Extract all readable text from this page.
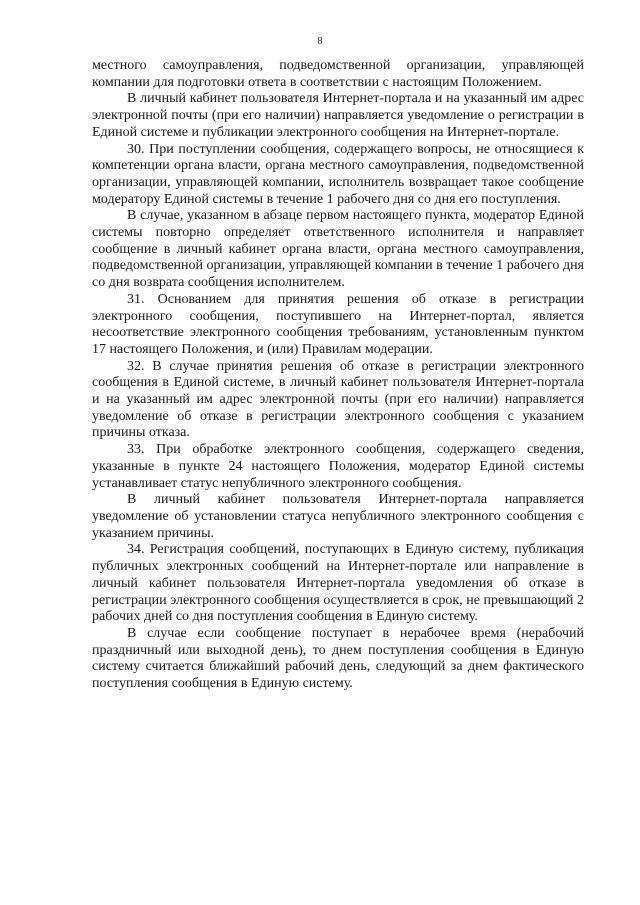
8

местного самоуправления, подведомственной организации, управляющей компании для подготовки ответа в соответствии с настоящим Положением.

В личный кабинет пользователя Интернет-портала и на указанный им адрес электронной почты (при его наличии) направляется уведомление о регистрации в Единой системе и публикации электронного сообщения на Интернет-портале.

30. При поступлении сообщения, содержащего вопросы, не относящиеся к компетенции органа власти, органа местного самоуправления, подведомственной организации, управляющей компании, исполнитель возвращает такое сообщение модератору Единой системы в течение 1 рабочего дня со дня его поступления.

В случае, указанном в абзаце первом настоящего пункта, модератор Единой системы повторно определяет ответственного исполнителя и направляет сообщение в личный кабинет органа власти, органа местного самоуправления, подведомственной организации, управляющей компании в течение 1 рабочего дня со дня возврата сообщения исполнителем.

31. Основанием для принятия решения об отказе в регистрации электронного сообщения, поступившего на Интернет-портал, является несоответствие электронного сообщения требованиям, установленным пунктом 17 настоящего Положения, и (или) Правилам модерации.

32. В случае принятия решения об отказе в регистрации электронного сообщения в Единой системе, в личный кабинет пользователя Интернет-портала и на указанный им адрес электронной почты (при его наличии) направляется уведомление об отказе в регистрации электронного сообщения с указанием причины отказа.

33. При обработке электронного сообщения, содержащего сведения, указанные в пункте 24 настоящего Положения, модератор Единой системы устанавливает статус непубличного электронного сообщения.

В личный кабинет пользователя Интернет-портала направляется уведомление об установлении статуса непубличного электронного сообщения с указанием причины.

34. Регистрация сообщений, поступающих в Единую систему, публикация публичных электронных сообщений на Интернет-портале или направление в личный кабинет пользователя Интернет-портала уведомления об отказе в регистрации электронного сообщения осуществляется в срок, не превышающий 2 рабочих дней со дня поступления сообщения в Единую систему.

В случае если сообщение поступает в нерабочее время (нерабочий праздничный или выходной день), то днем поступления сообщения в Единую систему считается ближайший рабочий день, следующий за днем фактического поступления сообщения в Единую систему.
